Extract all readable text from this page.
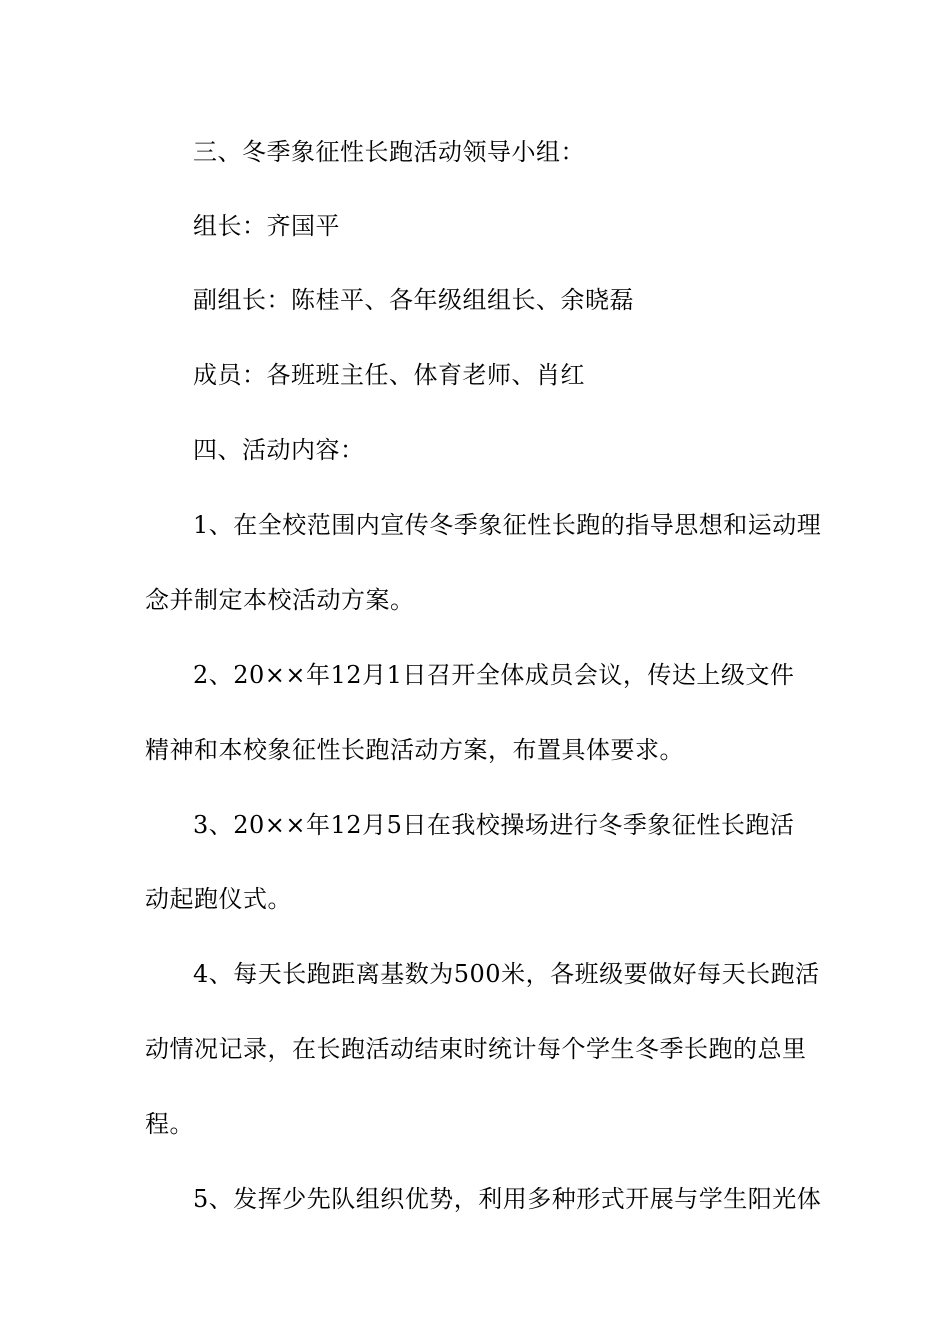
三、冬季象征性长跑活动领导小组：
组长：齐国平
副组长：陈桂平、各年级组组长、余晓磊
成员：各班班主任、体育老师、肖红
四、活动内容：
1、在全校范围内宣传冬季象征性长跑的指导思想和运动理
念并制定本校活动方案。
2、20××年12月1日召开全体成员会议，传达上级文件
精神和本校象征性长跑活动方案，布置具体要求。
3、20××年12月5日在我校操场进行冬季象征性长跑活
动起跑仪式。
4、每天长跑距离基数为500米，各班级要做好每天长跑活
动情况记录，在长跑活动结束时统计每个学生冬季长跑的总里
程。
5、发挥少先队组织优势，利用多种形式开展与学生阳光体
